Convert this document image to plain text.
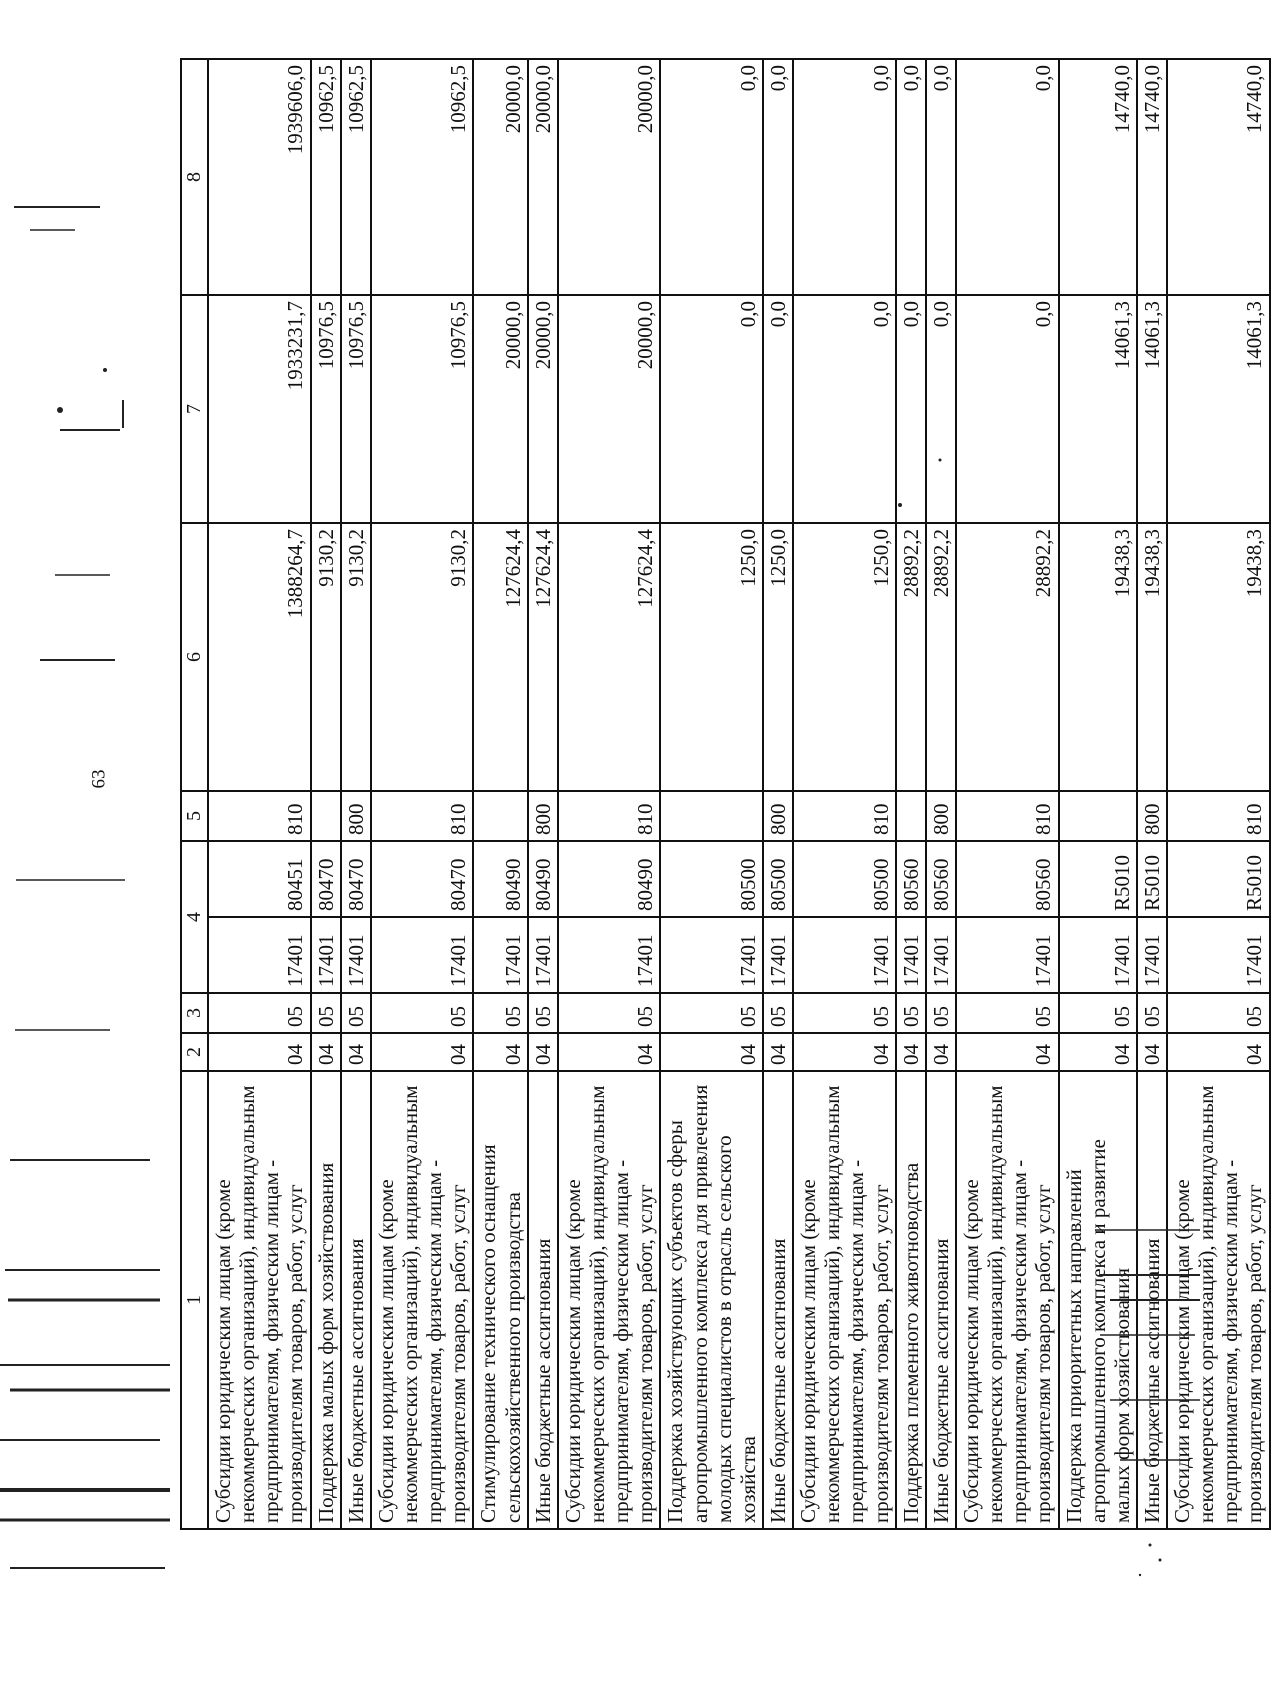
63
1	2	3	4		5	6	7	8
Субсидии юридическим лицам (кроме некоммерческих организаций), индивидуальным предпринимателям, физическим лицам - производителям товаров, работ, услуг	04	05	17401	80451	810	1388264,7	1933231,7	1939606,0
Поддержка малых форм хозяйствования	04	05	17401	80470		9130,2	10976,5	10962,5
Иные бюджетные ассигнования	04	05	17401	80470	800	9130,2	10976,5	10962,5
Субсидии юридическим лицам (кроме некоммерческих организаций), индивидуальным предпринимателям, физическим лицам - производителям товаров, работ, услуг	04	05	17401	80470	810	9130,2	10976,5	10962,5
Стимулирование технического оснащения сельскохозяйственного производства	04	05	17401	80490		127624,4	20000,0	20000,0
Иные бюджетные ассигнования	04	05	17401	80490	800	127624,4	20000,0	20000,0
Субсидии юридическим лицам (кроме некоммерческих организаций), индивидуальным предпринимателям, физическим лицам - производителям товаров, работ, услуг	04	05	17401	80490	810	127624,4	20000,0	20000,0
Поддержка хозяйствующих субъектов сферы агропромышленного комплекса для привлечения молодых специалистов в отрасль сельского хозяйства	04	05	17401	80500		1250,0	0,0	0,0
Иные бюджетные ассигнования	04	05	17401	80500	800	1250,0	0,0	0,0
Субсидии юридическим лицам (кроме некоммерческих организаций), индивидуальным предпринимателям, физическим лицам - производителям товаров, работ, услуг	04	05	17401	80500	810	1250,0	0,0	0,0
Поддержка племенного животноводства	04	05	17401	80560		28892,2	0,0	0,0
Иные бюджетные ассигнования	04	05	17401	80560	800	28892,2	0,0	0,0
Субсидии юридическим лицам (кроме некоммерческих организаций), индивидуальным предпринимателям, физическим лицам - производителям товаров, работ, услуг	04	05	17401	80560	810	28892,2	0,0	0,0
Поддержка приоритетных направлений агропромышленного комплекса и развитие малых форм хозяйствования	04	05	17401	R5010		19438,3	14061,3	14740,0
Иные бюджетные ассигнования	04	05	17401	R5010	800	19438,3	14061,3	14740,0
Субсидии юридическим лицам (кроме некоммерческих организаций), индивидуальным предпринимателям, физическим лицам - производителям товаров, работ, услуг	04	05	17401	R5010	810	19438,3	14061,3	14740,0
